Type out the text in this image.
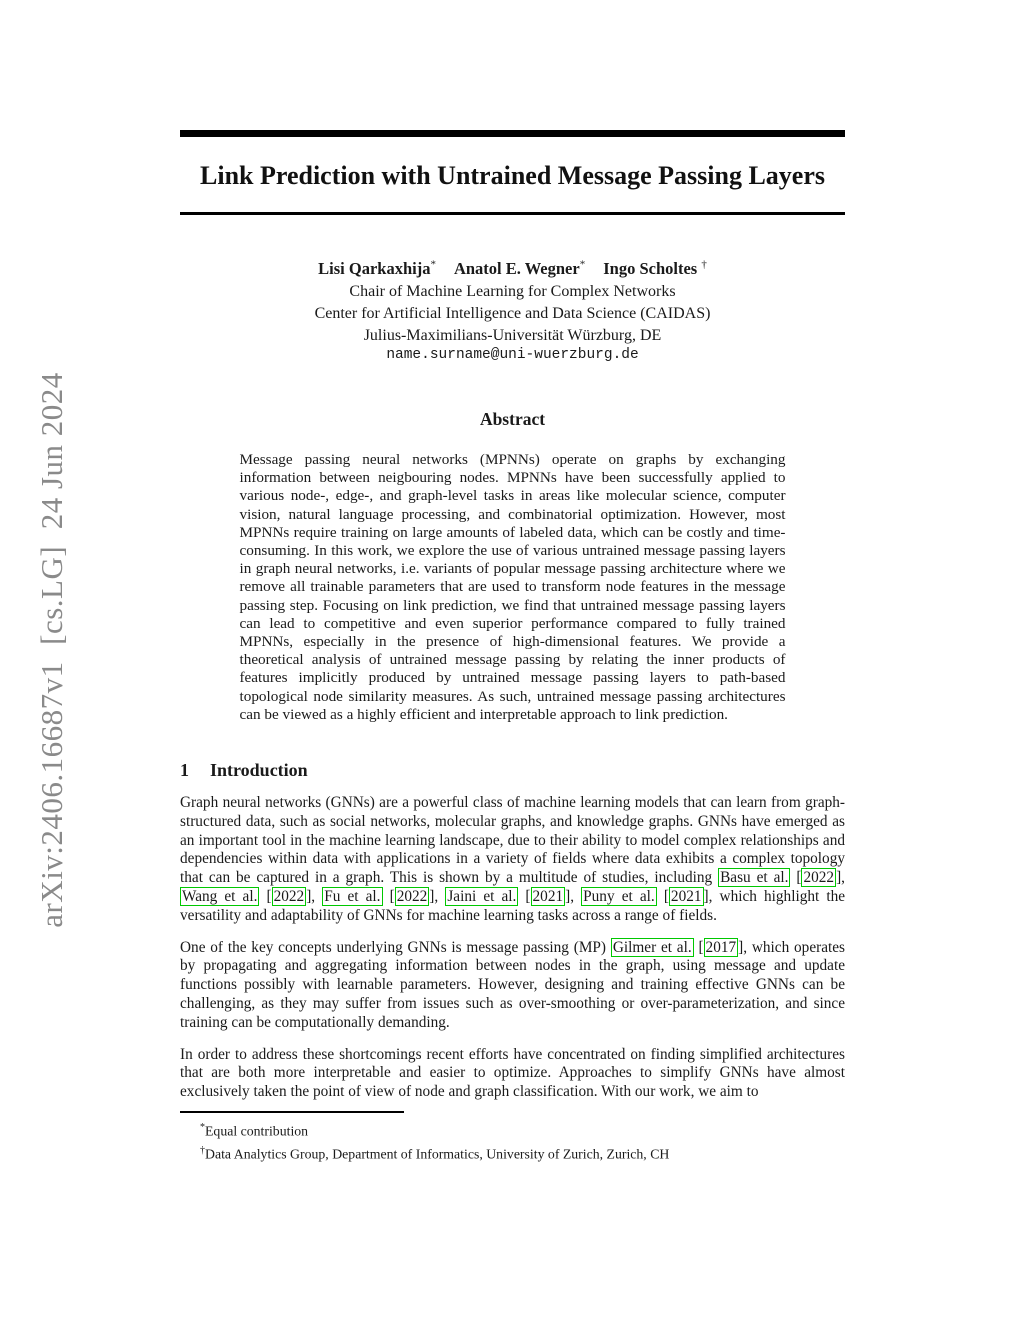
arXiv:2406.16687v1  [cs.LG]  24 Jun 2024
Link Prediction with Untrained Message Passing Layers
Lisi Qarkaxhija* Anatol E. Wegner* Ingo Scholtes †
Chair of Machine Learning for Complex Networks
Center for Artificial Intelligence and Data Science (CAIDAS)
Julius-Maximilians-Universität Würzburg, DE
name.surname@uni-wuerzburg.de
Abstract
Message passing neural networks (MPNNs) operate on graphs by exchanging information between neigbouring nodes. MPNNs have been successfully applied to various node-, edge-, and graph-level tasks in areas like molecular science, computer vision, natural language processing, and combinatorial optimization. However, most MPNNs require training on large amounts of labeled data, which can be costly and time-consuming. In this work, we explore the use of various untrained message passing layers in graph neural networks, i.e. variants of popular message passing architecture where we remove all trainable parameters that are used to transform node features in the message passing step. Focusing on link prediction, we find that untrained message passing layers can lead to competitive and even superior performance compared to fully trained MPNNs, especially in the presence of high-dimensional features. We provide a theoretical analysis of untrained message passing by relating the inner products of features implicitly produced by untrained message passing layers to path-based topological node similarity measures. As such, untrained message passing architectures can be viewed as a highly efficient and interpretable approach to link prediction.
1	Introduction
Graph neural networks (GNNs) are a powerful class of machine learning models that can learn from graph-structured data, such as social networks, molecular graphs, and knowledge graphs. GNNs have emerged as an important tool in the machine learning landscape, due to their ability to model complex relationships and dependencies within data with applications in a variety of fields where data exhibits a complex topology that can be captured in a graph. This is shown by a multitude of studies, including Basu et al. [ 2022 ], Wang et al. [ 2022 ], Fu et al. [ 2022 ], Jaini et al. [ 2021 ], Puny et al. [ 2021 ], which highlight the versatility and adaptability of GNNs for machine learning tasks across a range of fields.
One of the key concepts underlying GNNs is message passing (MP) Gilmer et al. [ 2017 ], which operates by propagating and aggregating information between nodes in the graph, using message and update functions possibly with learnable parameters. However, designing and training effective GNNs can be challenging, as they may suffer from issues such as over-smoothing or over-parameterization, and since training can be computationally demanding.
In order to address these shortcomings recent efforts have concentrated on finding simplified architectures that are both more interpretable and easier to optimize. Approaches to simplify GNNs have almost exclusively taken the point of view of node and graph classification. With our work, we aim to
*Equal contribution
†Data Analytics Group, Department of Informatics, University of Zurich, Zurich, CH
